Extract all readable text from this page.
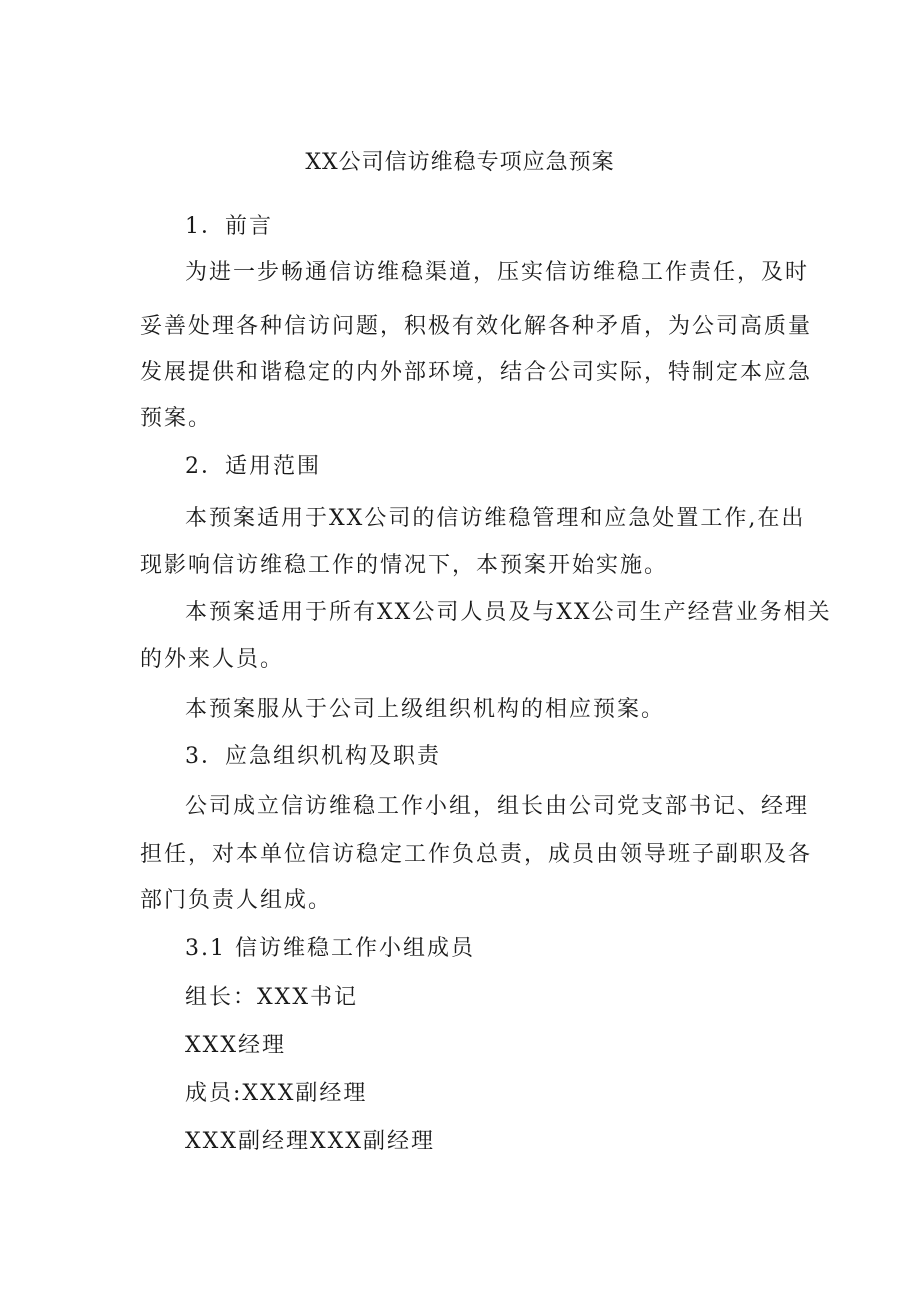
XX公司信访维稳专项应急预案
1．前言
为进一步畅通信访维稳渠道，压实信访维稳工作责任，及时
妥善处理各种信访问题，积极有效化解各种矛盾，为公司高质量
发展提供和谐稳定的内外部环境，结合公司实际，特制定本应急
预案。
2．适用范围
本预案适用于XX公司的信访维稳管理和应急处置工作,在出
现影响信访维稳工作的情况下，本预案开始实施。
本预案适用于所有XX公司人员及与XX公司生产经营业务相关
的外来人员。
本预案服从于公司上级组织机构的相应预案。
3．应急组织机构及职责
公司成立信访维稳工作小组，组长由公司党支部书记、经理
担任，对本单位信访稳定工作负总责，成员由领导班子副职及各
部门负责人组成。
3.1 信访维稳工作小组成员
组长：XXX书记
XXX经理
成员:XXX副经理
XXX副经理XXX副经理
